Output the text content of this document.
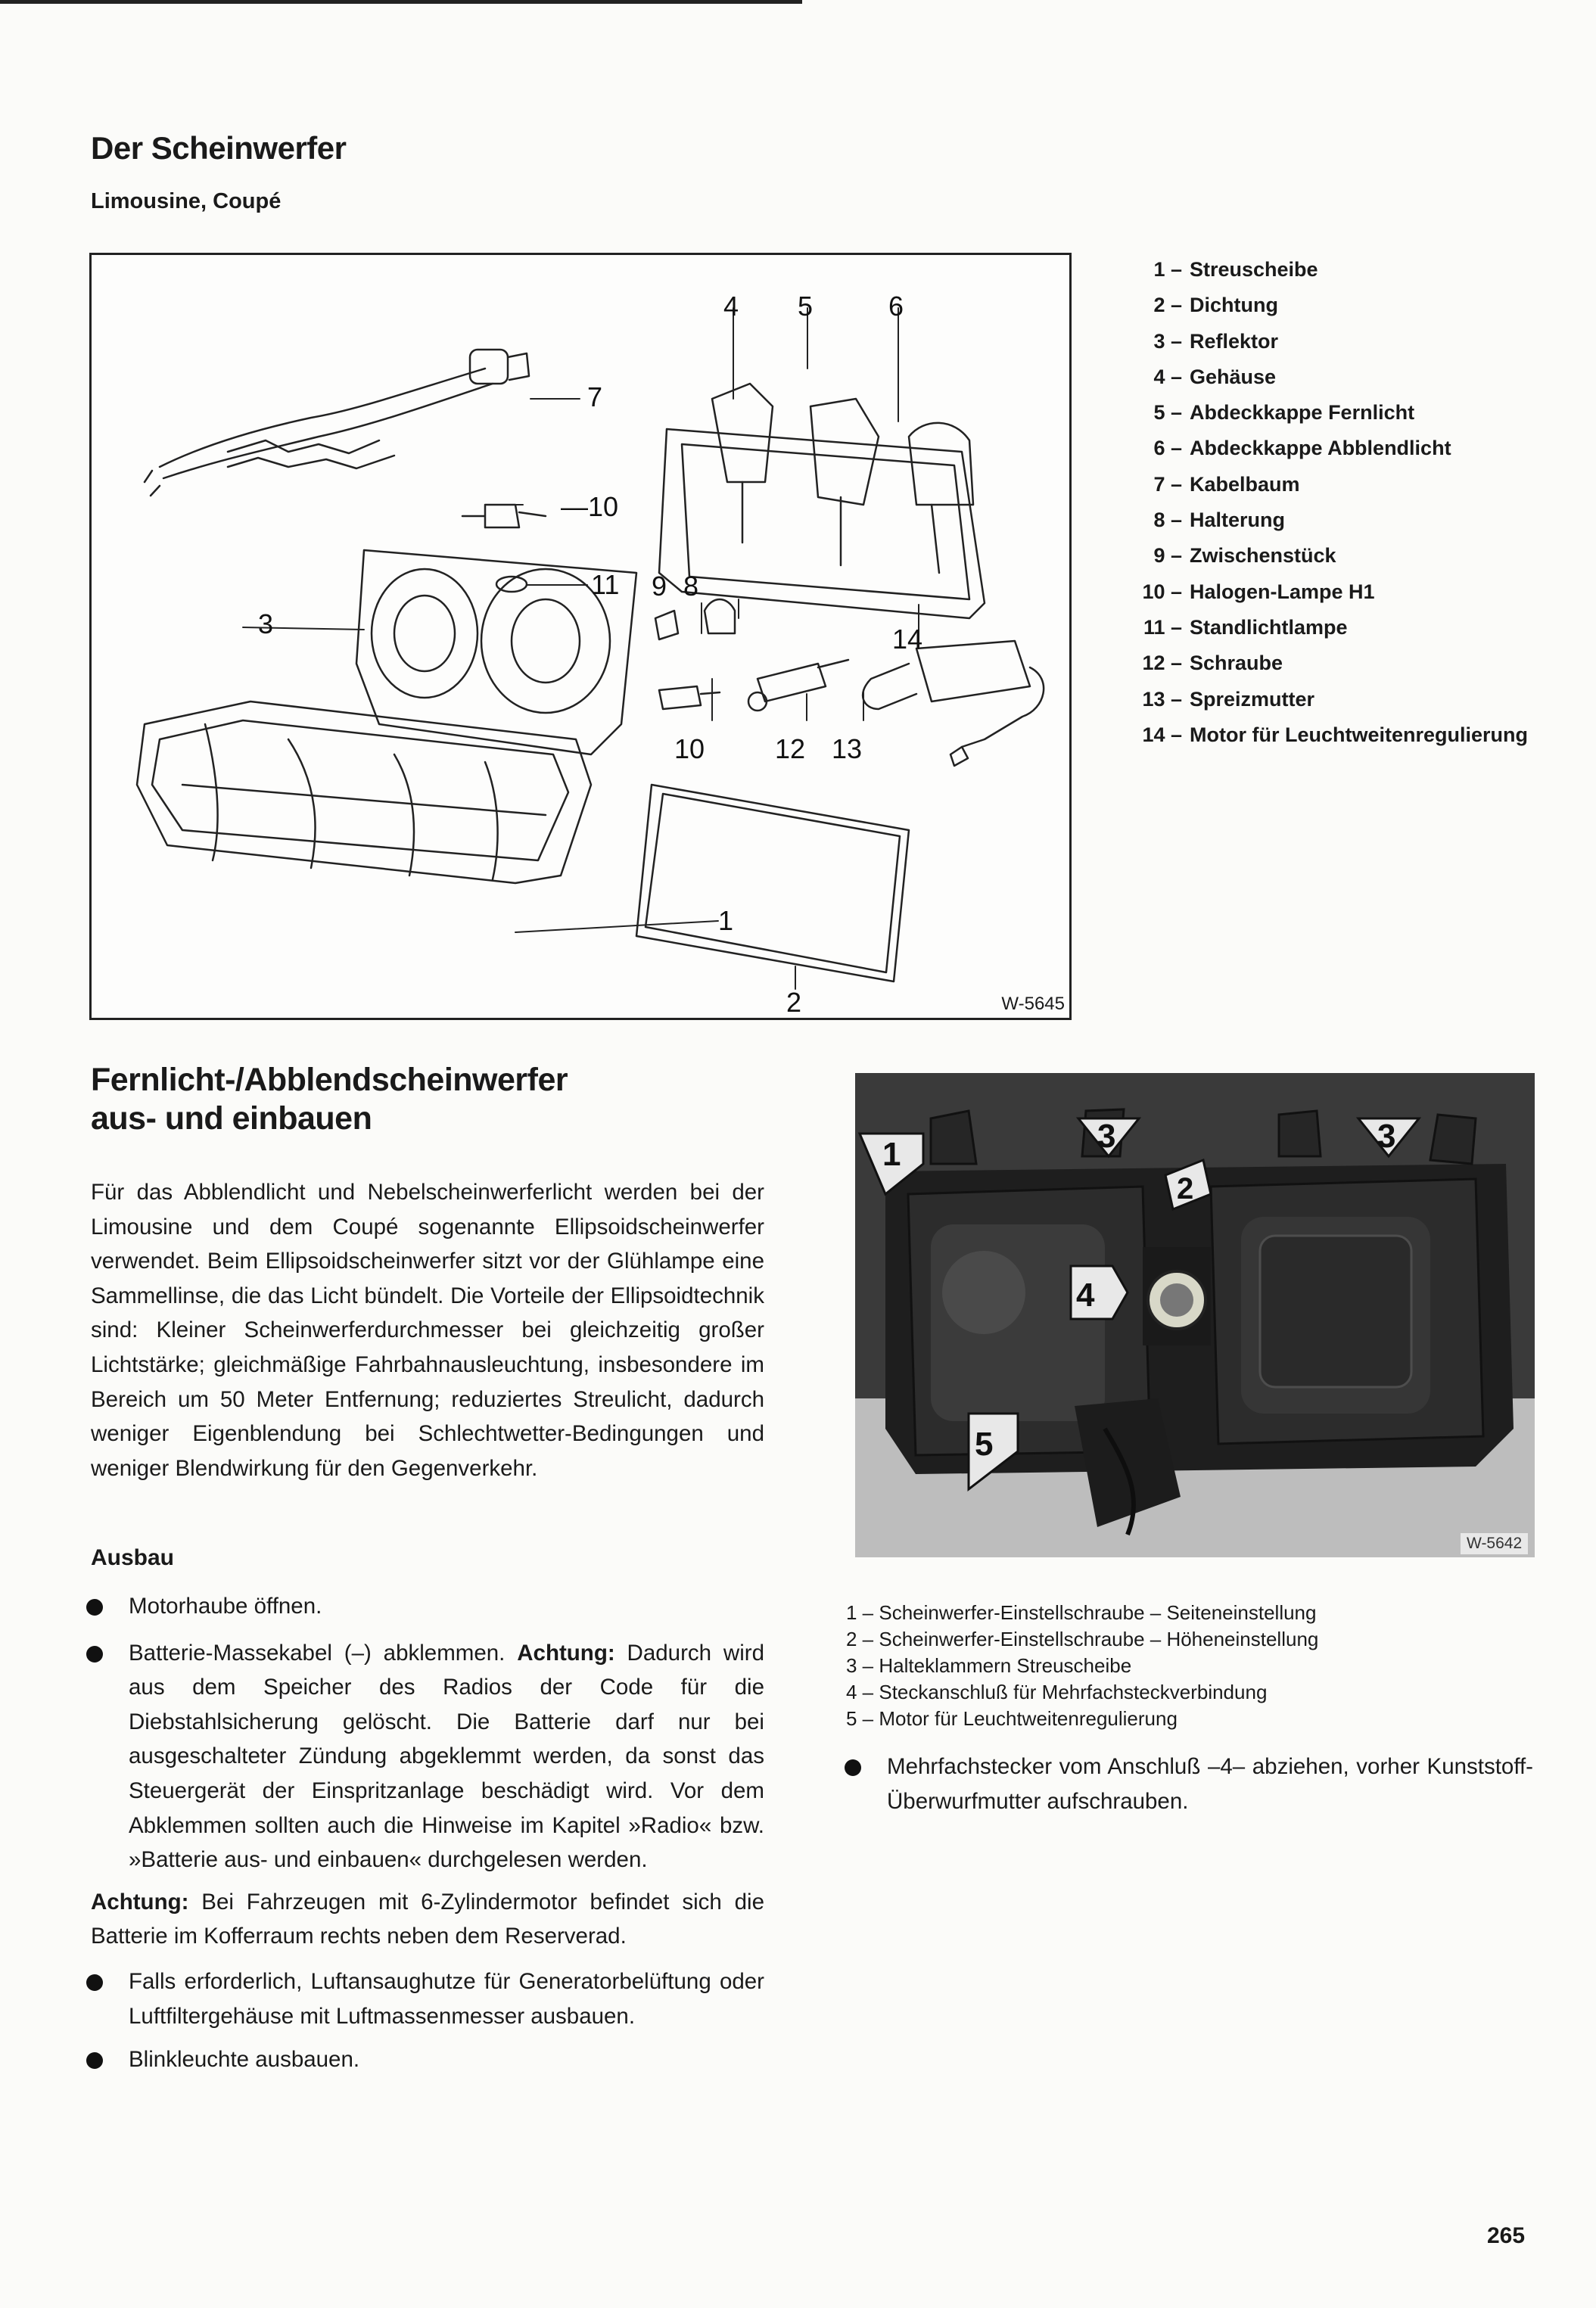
Der Scheinwerfer
Limousine, Coupé
4 5	6
7
—10
11 9 8
3	14
10	12 13
1
2	W-5645
1 – Streuscheibe
2 – Dichtung
3 – Reflektor
4 – Gehäuse
5 – Abdeckkappe Fernlicht
6 – Abdeckkappe Abblendlicht
7 – Kabelbaum
8 – Halterung
9 – Zwischenstück
10 – Halogen-Lampe H1
11 – Standlichtlampe
12 – Schraube
13 – Spreizmutter
14 – Motor für Leuchtweitenregulierung
Fernlicht-/Abblendscheinwerfer
aus- und einbauen
Für das Abblendlicht und Nebelscheinwerferlicht werden bei der Limousine und dem Coupé sogenannte Ellipsoidscheinwerfer verwendet. Beim Ellipsoidscheinwerfer sitzt vor der Glühlampe eine Sammellinse, die das Licht bündelt. Die Vorteile der Ellipsoidtechnik sind: Kleiner Scheinwerferdurchmesser bei gleichzeitig großer Lichtstärke; gleichmäßige Fahrbahnausleuchtung, insbesondere im Bereich um 50 Meter Entfernung; reduziertes Streulicht, dadurch weniger Eigenblendung bei Schlechtwetter-Bedingungen und weniger Blendwirkung für den Gegenverkehr.
Ausbau

Motorhaube öffnen.

Batterie-Massekabel (–) abklemmen. Achtung: Dadurch wird aus dem Speicher des Radios der Code für die Diebstahlsicherung gelöscht. Die Batterie darf nur bei ausgeschalteter Zündung abgeklemmt werden, da sonst das Steuergerät der Einspritzanlage beschädigt wird. Vor dem Abklemmen sollten auch die Hinweise im Kapitel »Radio« bzw. »Batterie aus- und einbauen« durchgelesen werden.

Achtung: Bei Fahrzeugen mit 6-Zylindermotor befindet sich die Batterie im Kofferraum rechts neben dem Reserverad.

Falls erforderlich, Luftansaughutze für Generatorbelüftung oder Luftfiltergehäuse mit Luftmassenmesser ausbauen.

Blinkleuchte ausbauen.

1	3	3
2
4
5
W-5642
1 – Scheinwerfer-Einstellschraube – Seiteneinstellung
2 – Scheinwerfer-Einstellschraube – Höheneinstellung
3 – Halteklammern Streuscheibe
4 – Steckanschluß für Mehrfachsteckverbindung
5 – Motor für Leuchtweitenregulierung

Mehrfachstecker vom Anschluß –4– abziehen, vorher Kunststoff-Überwurfmutter aufschrauben.

265
